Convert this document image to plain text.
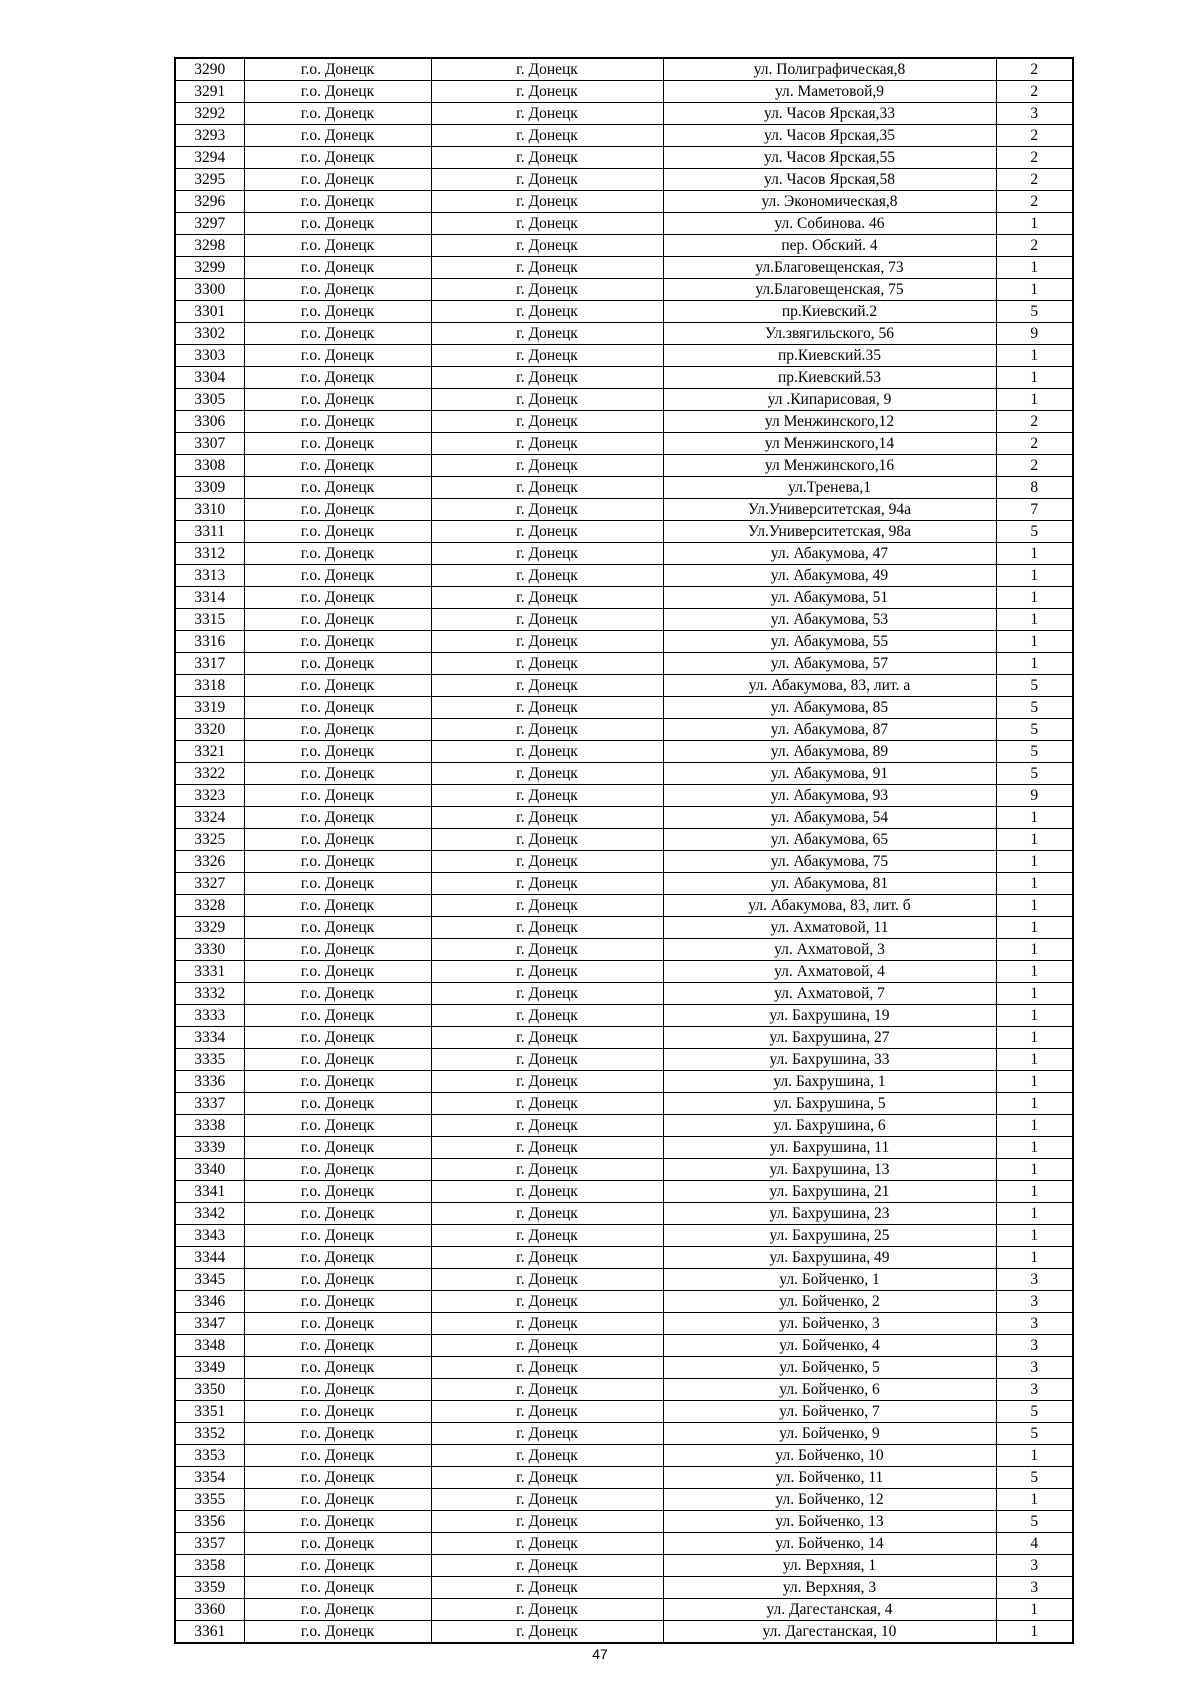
3290	г.о. Донецк	г. Донецк	ул. Полиграфическая,8	2
3291	г.о. Донецк	г. Донецк	ул. Маметовой,9	2
3292	г.о. Донецк	г. Донецк	ул. Часов Ярская,33	3
3293	г.о. Донецк	г. Донецк	ул. Часов Ярская,35	2
3294	г.о. Донецк	г. Донецк	ул. Часов Ярская,55	2
3295	г.о. Донецк	г. Донецк	ул. Часов Ярская,58	2
3296	г.о. Донецк	г. Донецк	ул. Экономическая,8	2
3297	г.о. Донецк	г. Донецк	ул. Собинова. 46	1
3298	г.о. Донецк	г. Донецк	пер. Обский. 4	2
3299	г.о. Донецк	г. Донецк	ул.Благовещенская, 73	1
3300	г.о. Донецк	г. Донецк	ул.Благовещенская, 75	1
3301	г.о. Донецк	г. Донецк	пр.Киевский.2	5
3302	г.о. Донецк	г. Донецк	Ул.звягильского, 56	9
3303	г.о. Донецк	г. Донецк	пр.Киевский.35	1
3304	г.о. Донецк	г. Донецк	пр.Киевский.53	1
3305	г.о. Донецк	г. Донецк	ул .Кипарисовая, 9	1
3306	г.о. Донецк	г. Донецк	ул Менжинского,12	2
3307	г.о. Донецк	г. Донецк	ул Менжинского,14	2
3308	г.о. Донецк	г. Донецк	ул Менжинского,16	2
3309	г.о. Донецк	г. Донецк	ул.Тренева,1	8
3310	г.о. Донецк	г. Донецк	Ул.Университетская, 94а	7
3311	г.о. Донецк	г. Донецк	Ул.Университетская, 98а	5
3312	г.о. Донецк	г. Донецк	ул. Абакумова, 47	1
3313	г.о. Донецк	г. Донецк	ул. Абакумова, 49	1
3314	г.о. Донецк	г. Донецк	ул. Абакумова, 51	1
3315	г.о. Донецк	г. Донецк	ул. Абакумова, 53	1
3316	г.о. Донецк	г. Донецк	ул. Абакумова, 55	1
3317	г.о. Донецк	г. Донецк	ул. Абакумова, 57	1
3318	г.о. Донецк	г. Донецк	ул. Абакумова, 83, лит. а	5
3319	г.о. Донецк	г. Донецк	ул. Абакумова, 85	5
3320	г.о. Донецк	г. Донецк	ул. Абакумова, 87	5
3321	г.о. Донецк	г. Донецк	ул. Абакумова, 89	5
3322	г.о. Донецк	г. Донецк	ул. Абакумова, 91	5
3323	г.о. Донецк	г. Донецк	ул. Абакумова, 93	9
3324	г.о. Донецк	г. Донецк	ул. Абакумова, 54	1
3325	г.о. Донецк	г. Донецк	ул. Абакумова, 65	1
3326	г.о. Донецк	г. Донецк	ул. Абакумова, 75	1
3327	г.о. Донецк	г. Донецк	ул. Абакумова, 81	1
3328	г.о. Донецк	г. Донецк	ул. Абакумова, 83, лит. б	1
3329	г.о. Донецк	г. Донецк	ул. Ахматовой, 11	1
3330	г.о. Донецк	г. Донецк	ул. Ахматовой, 3	1
3331	г.о. Донецк	г. Донецк	ул. Ахматовой, 4	1
3332	г.о. Донецк	г. Донецк	ул. Ахматовой, 7	1
3333	г.о. Донецк	г. Донецк	ул. Бахрушина, 19	1
3334	г.о. Донецк	г. Донецк	ул. Бахрушина, 27	1
3335	г.о. Донецк	г. Донецк	ул. Бахрушина, 33	1
3336	г.о. Донецк	г. Донецк	ул. Бахрушина, 1	1
3337	г.о. Донецк	г. Донецк	ул. Бахрушина, 5	1
3338	г.о. Донецк	г. Донецк	ул. Бахрушина, 6	1
3339	г.о. Донецк	г. Донецк	ул. Бахрушина, 11	1
3340	г.о. Донецк	г. Донецк	ул. Бахрушина, 13	1
3341	г.о. Донецк	г. Донецк	ул. Бахрушина, 21	1
3342	г.о. Донецк	г. Донецк	ул. Бахрушина, 23	1
3343	г.о. Донецк	г. Донецк	ул. Бахрушина, 25	1
3344	г.о. Донецк	г. Донецк	ул. Бахрушина, 49	1
3345	г.о. Донецк	г. Донецк	ул. Бойченко, 1	3
3346	г.о. Донецк	г. Донецк	ул. Бойченко, 2	3
3347	г.о. Донецк	г. Донецк	ул. Бойченко, 3	3
3348	г.о. Донецк	г. Донецк	ул. Бойченко, 4	3
3349	г.о. Донецк	г. Донецк	ул. Бойченко, 5	3
3350	г.о. Донецк	г. Донецк	ул. Бойченко, 6	3
3351	г.о. Донецк	г. Донецк	ул. Бойченко, 7	5
3352	г.о. Донецк	г. Донецк	ул. Бойченко, 9	5
3353	г.о. Донецк	г. Донецк	ул. Бойченко, 10	1
3354	г.о. Донецк	г. Донецк	ул. Бойченко, 11	5
3355	г.о. Донецк	г. Донецк	ул. Бойченко, 12	1
3356	г.о. Донецк	г. Донецк	ул. Бойченко, 13	5
3357	г.о. Донецк	г. Донецк	ул. Бойченко, 14	4
3358	г.о. Донецк	г. Донецк	ул. Верхняя, 1	3
3359	г.о. Донецк	г. Донецк	ул. Верхняя, 3	3
3360	г.о. Донецк	г. Донецк	ул. Дагестанская, 4	1
3361	г.о. Донецк	г. Донецк	ул. Дагестанская, 10	1
47
